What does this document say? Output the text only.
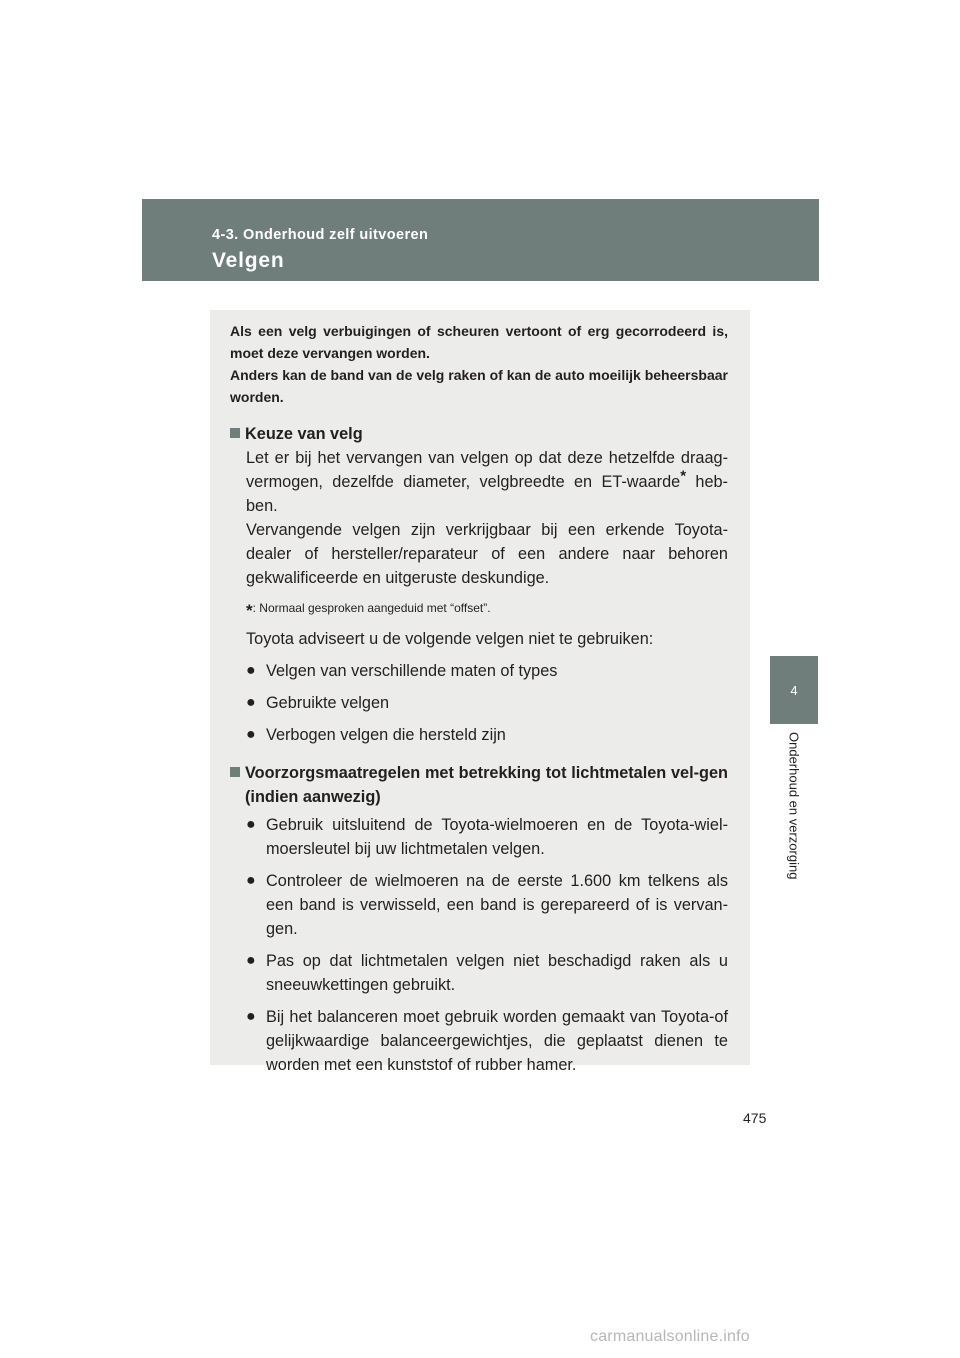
4-3. Onderhoud zelf uitvoeren
Velgen
4
Onderhoud en verzorging

Als een velg verbuigingen of scheuren vertoont of erg gecorrodeerd is, moet deze vervangen worden.

Anders kan de band van de velg raken of kan de auto moeilijk beheersbaar worden.

Keuze van velg

Let er bij het vervangen van velgen op dat deze hetzelfde draag-vermogen, dezelfde diameter, velgbreedte en ET-waarde* heb-ben.

Vervangende velgen zijn verkrijgbaar bij een erkende Toyota-dealer of hersteller/reparateur of een andere naar behoren gekwalificeerde en uitgeruste deskundige.

*: Normaal gesproken aangeduid met “offset”.

Toyota adviseert u de volgende velgen niet te gebruiken:

● Velgen van verschillende maten of types
● Gebruikte velgen
● Verbogen velgen die hersteld zijn
Voorzorgsmaatregelen met betrekking tot lichtmetalen vel-gen (indien aanwezig)
● Gebruik uitsluitend de Toyota-wielmoeren en de Toyota-wiel-moersleutel bij uw lichtmetalen velgen.
● Controleer de wielmoeren na de eerste 1.600 km telkens als een band is verwisseld, een band is gerepareerd of is vervan-gen.
● Pas op dat lichtmetalen velgen niet beschadigd raken als u sneeuwkettingen gebruikt.
● Bij het balanceren moet gebruik worden gemaakt van Toyota-of gelijkwaardige balanceergewichtjes, die geplaatst dienen te worden met een kunststof of rubber hamer.
475
carmanualsonline.info
